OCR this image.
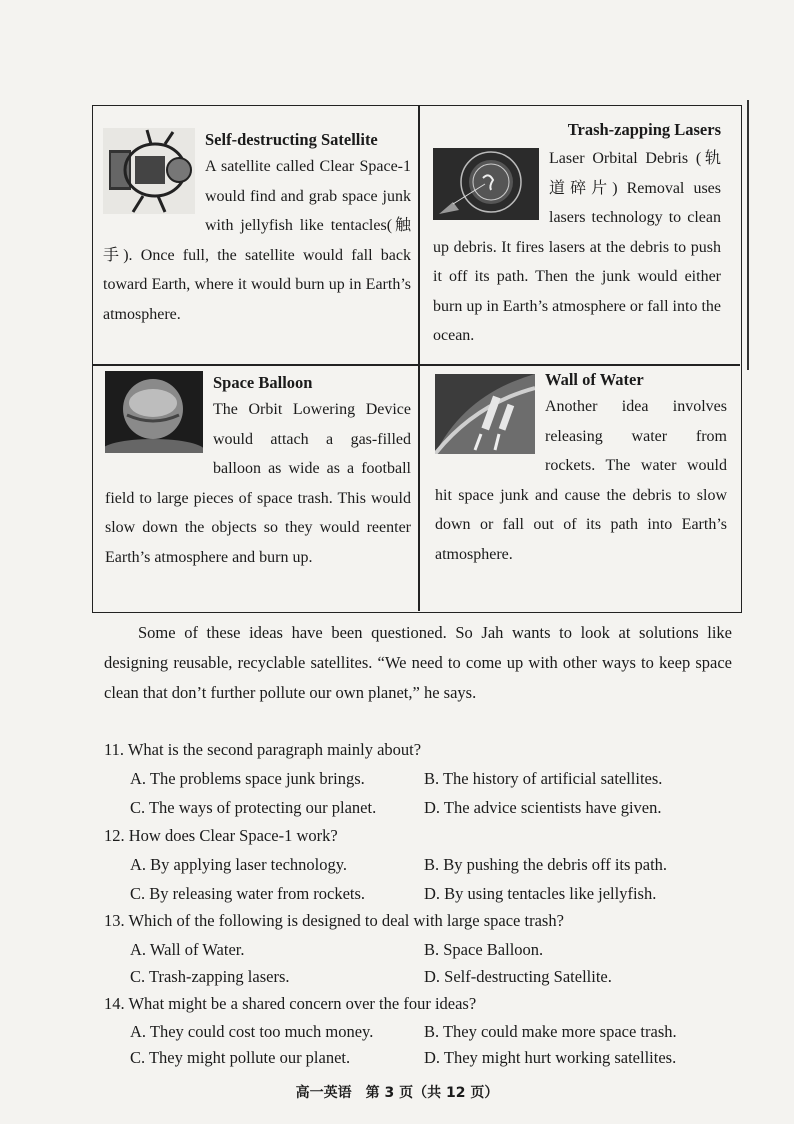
Self-destructing Satellite

A satellite called Clear Space-1 would find and grab space junk with jellyfish like tentacles(触手). Once full, the satellite would fall back toward Earth, where it would burn up in Earth’s atmosphere.

Trash-zapping Lasers

Laser Orbital Debris (轨道碎片) Removal uses lasers technology to clean up debris. It fires lasers at the debris to push it off its path. Then the junk would either burn up in Earth’s atmosphere or fall into the ocean.

Space Balloon

The Orbit Lowering Device would attach a gas-filled balloon as wide as a football field to large pieces of space trash. This would slow down the objects so they would reenter Earth’s atmosphere and burn up.

Wall of Water

Another idea involves releasing water from rockets. The water would hit space junk and cause the debris to slow down or fall out of its path into Earth’s atmosphere.

Some of these ideas have been questioned. So Jah wants to look at solutions like designing reusable, recyclable satellites. “We need to come up with other ways to keep space clean that don’t further pollute our own planet,” he says.

11. What is the second paragraph mainly about?
A. The problems space junk brings.	B. The history of artificial satellites.
C. The ways of protecting our planet.	D. The advice scientists have given.
12. How does Clear Space-1 work?
A. By applying laser technology.	B. By pushing the debris off its path.
C. By releasing water from rockets.	D. By using tentacles like jellyfish.
13. Which of the following is designed to deal with large space trash?
A. Wall of Water.	B. Space Balloon.
C. Trash-zapping lasers.	D. Self-destructing Satellite.
14. What might be a shared concern over the four ideas?
A. They could cost too much money.	B. They could make more space trash.
C. They might pollute our planet.	D. They might hurt working satellites.
高一英语　第 3 页（共 12 页）
